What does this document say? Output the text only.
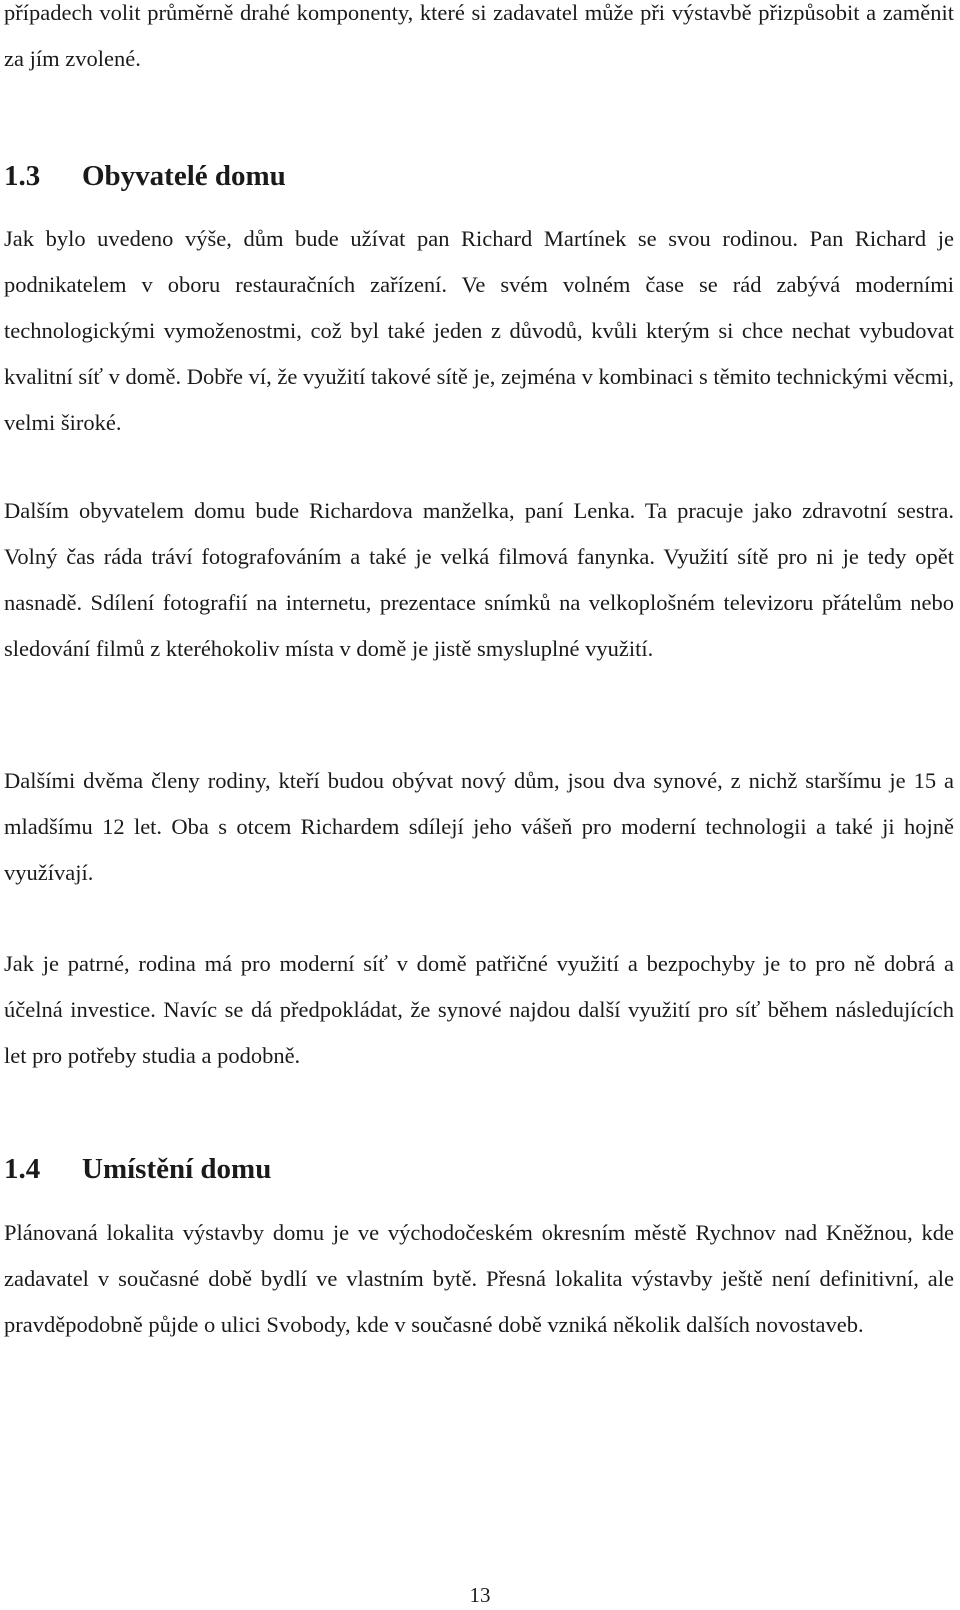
případech volit průměrně drahé komponenty, které si zadavatel může při výstavbě přizpůsobit a zaměnit za jím zvolené.

1.3 Obyvatelé domu

Jak bylo uvedeno výše, dům bude užívat pan Richard Martínek se svou rodinou. Pan Richard je podnikatelem v oboru restauračních zařízení. Ve svém volném čase se rád zabývá moderními technologickými vymoženostmi, což byl také jeden z důvodů, kvůli kterým si chce nechat vybudovat kvalitní síť v domě. Dobře ví, že využití takové sítě je, zejména v kombinaci s těmito technickými věcmi, velmi široké.

Dalším obyvatelem domu bude Richardova manželka, paní Lenka. Ta pracuje jako zdravotní sestra. Volný čas ráda tráví fotografováním a také je velká filmová fanynka. Využití sítě pro ni je tedy opět nasnadě. Sdílení fotografií na internetu, prezentace snímků na velkoplošném televizoru přátelům nebo sledování filmů z kteréhokoliv místa v domě je jistě smysluplné využití.

Dalšími dvěma členy rodiny, kteří budou obývat nový dům, jsou dva synové, z nichž staršímu je 15 a mladšímu 12 let. Oba s otcem Richardem sdílejí jeho vášeň pro moderní technologii a také ji hojně využívají.

Jak je patrné, rodina má pro moderní síť v domě patřičné využití a bezpochyby je to pro ně dobrá a účelná investice. Navíc se dá předpokládat, že synové najdou další využití pro síť během následujících let pro potřeby studia a podobně.

1.4 Umístění domu

Plánovaná lokalita výstavby domu je ve východočeském okresním městě Rychnov nad Kněžnou, kde zadavatel v současné době bydlí ve vlastním bytě. Přesná lokalita výstavby ještě není definitivní, ale pravděpodobně půjde o ulici Svobody, kde v současné době vzniká několik dalších novostaveb.

13
